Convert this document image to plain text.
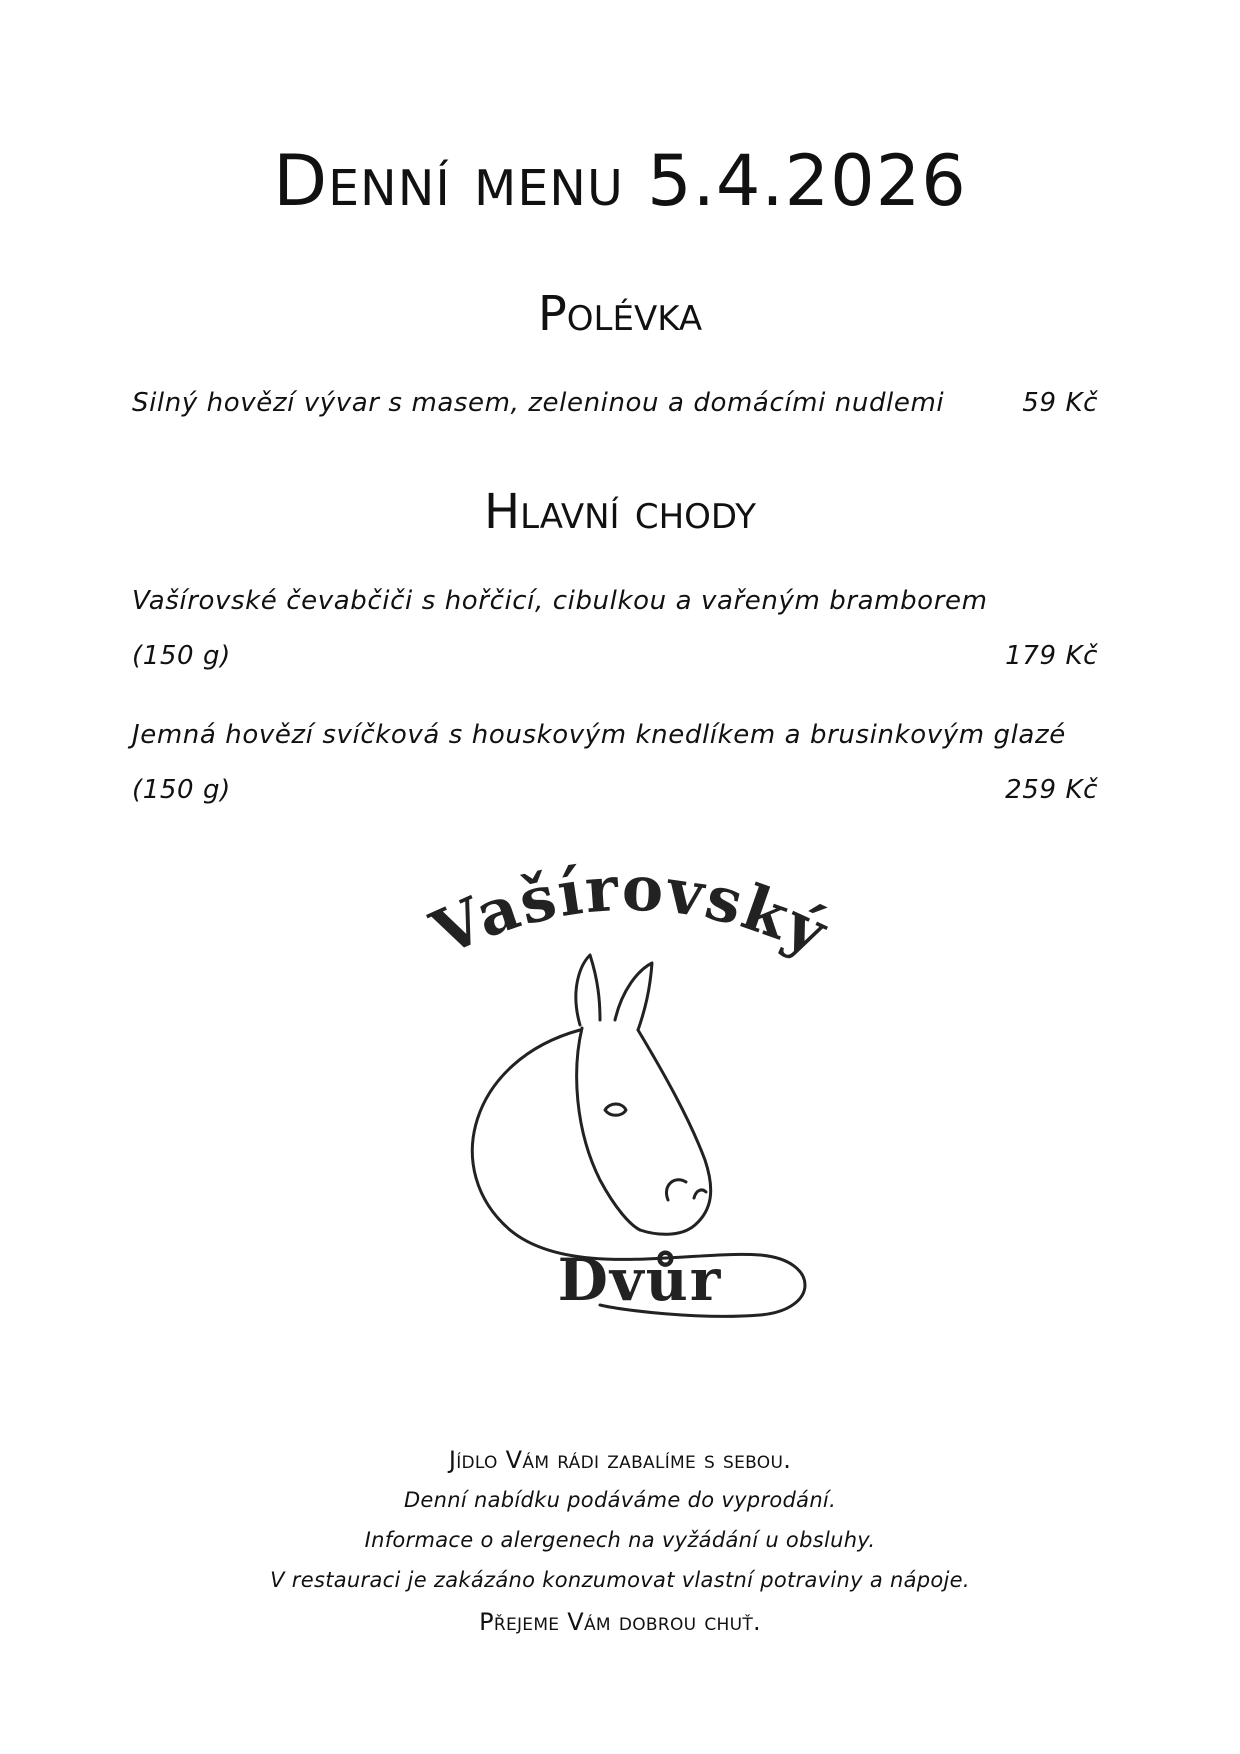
Denní menu 5.4.2026
Polévka
Silný hovězí vývar s masem, zeleninou a domácími nudlemi	59 Kč
Hlavní chody
Vašírovské čevabčiči s hořčicí, cibulkou a vařeným bramborem
(150 g)	179 Kč
Jemná hovězí svíčková s houskovým knedlíkem a brusinkovým glazé
(150 g)	259 Kč
Vašírovský
Dvůr

Jídlo Vám rádi zabalíme s sebou.

Denní nabídku podáváme do vyprodání.

Informace o alergenech na vyžádání u obsluhy.

V restauraci je zakázáno konzumovat vlastní potraviny a nápoje.

Přejeme Vám dobrou chuť.
